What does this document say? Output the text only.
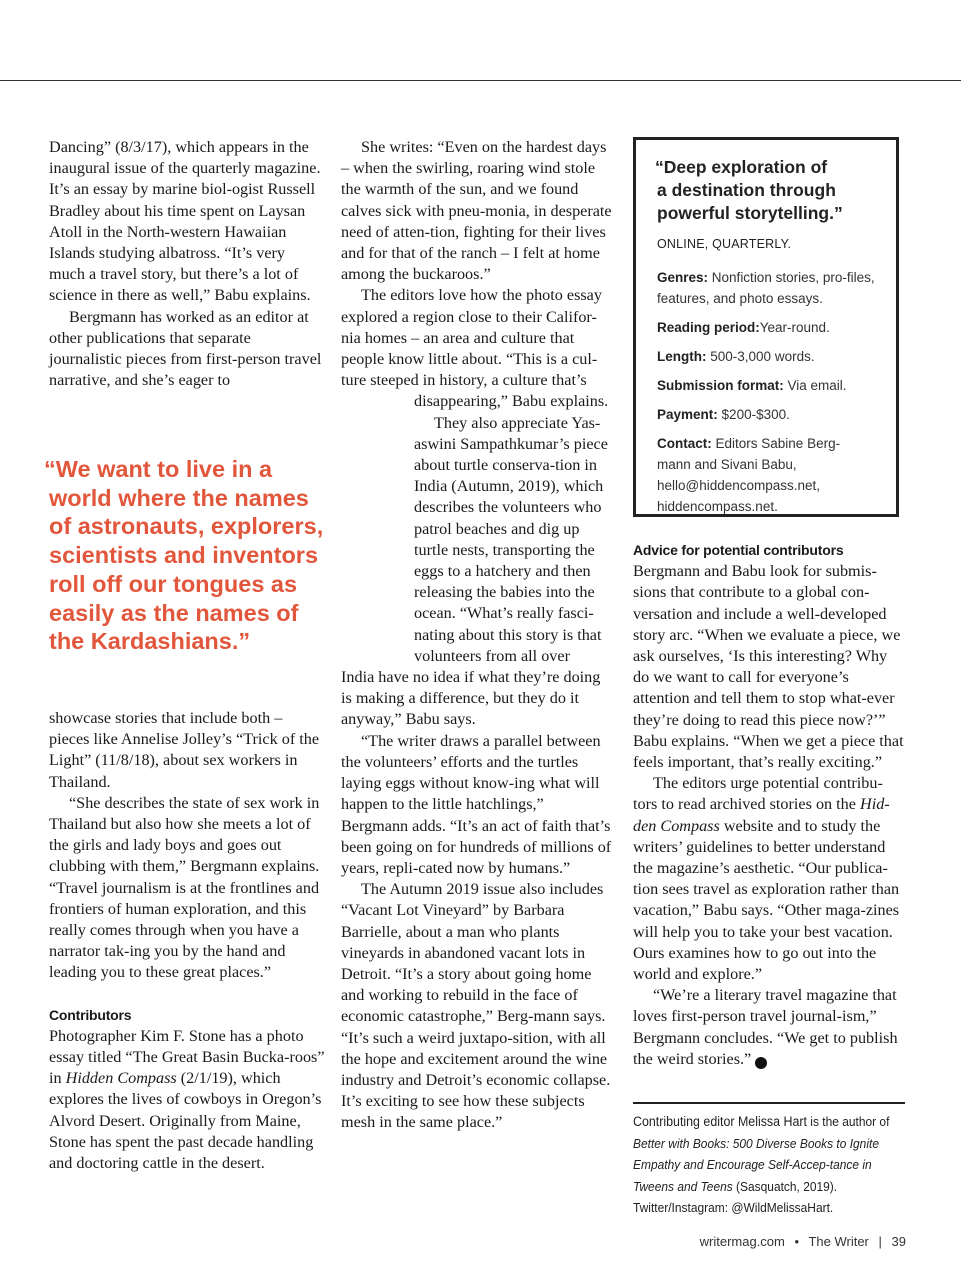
Dancing” (8/3/17), which appears in the inaugural issue of the quarterly magazine. It’s an essay by marine biol-ogist Russell Bradley about his time spent on Laysan Atoll in the North-western Hawaiian Islands studying albatross. “It’s very much a travel story, but there’s a lot of science in there as well,” Babu explains.

Bergmann has worked as an editor at other publications that separate journalistic pieces from first-person travel narrative, and she’s eager to

“We want to live in a
world where the names
of astronauts, explorers,
scientists and inventors
roll off our tongues as
easily as the names of
the Kardashians.”

showcase stories that include both – pieces like Annelise Jolley’s “Trick of the Light” (11/8/18), about sex workers in Thailand.

“She describes the state of sex work in Thailand but also how she meets a lot of the girls and lady boys and goes out clubbing with them,” Bergmann explains. “Travel journalism is at the frontlines and frontiers of human exploration, and this really comes through when you have a narrator tak-ing you by the hand and leading you to these great places.”

Contributors

Photographer Kim F. Stone has a photo essay titled “The Great Basin Bucka-roos” in Hidden Compass (2/1/19), which explores the lives of cowboys in Oregon’s Alvord Desert. Originally from Maine, Stone has spent the past decade handling and doctoring cattle in the desert.

She writes: “Even on the hardest days – when the swirling, roaring wind stole the warmth of the sun, and we found calves sick with pneu-monia, in desperate need of atten-tion, fighting for their lives and for that of the ranch – I felt at home among the buckaroos.”

The editors love how the photo essay explored a region close to their Califor-nia homes – an area and culture that people know little about. “This is a cul-ture steeped in history, a culture that’s

disappearing,” Babu explains.

They also appreciate Yas-aswini Sampathkumar’s piece about turtle conserva-tion in India (Autumn, 2019), which describes the volunteers who patrol beaches and dig up turtle nests, transporting the eggs to a hatchery and then releasing the babies into the ocean. “What’s really fasci-nating about this story is that volunteers from all over

India have no idea if what they’re doing is making a difference, but they do it anyway,” Babu says.

“The writer draws a parallel between the volunteers’ efforts and the turtles laying eggs without know-ing what will happen to the little hatchlings,” Bergmann adds. “It’s an act of faith that’s been going on for hundreds of millions of years, repli-cated now by humans.”

The Autumn 2019 issue also includes “Vacant Lot Vineyard” by Barbara Barrielle, about a man who plants vineyards in abandoned vacant lots in Detroit. “It’s a story about going home and working to rebuild in the face of economic catastrophe,” Berg-mann says. “It’s such a weird juxtapo-sition, with all the hope and excitement around the wine industry and Detroit’s economic collapse. It’s exciting to see how these subjects mesh in the same place.”

“Deep exploration of
a destination through
powerful storytelling.”
ONLINE, QUARTERLY.
Genres: Nonfiction stories, pro-files, features, and photo essays.
Reading period:Year-round.
Length: 500-3,000 words.
Submission format: Via email.
Payment: $200-$300.
Contact: Editors Sabine Berg-mann and Sivani Babu, hello@hiddencompass.net, hiddencompass.net.
Advice for potential contributors

Bergmann and Babu look for submis-sions that contribute to a global con-versation and include a well-developed story arc. “When we evaluate a piece, we ask ourselves, ‘Is this interesting? Why do we want to call for everyone’s attention and tell them to stop what-ever they’re doing to read this piece now?’” Babu explains. “When we get a piece that feels important, that’s really exciting.”

The editors urge potential contribu-tors to read archived stories on the Hid-den Compass website and to study the writers’ guidelines to better understand the magazine’s aesthetic. “Our publica-tion sees travel as exploration rather than vacation,” Babu says. “Other maga-zines will help you to take your best vacation. Ours examines how to go out into the world and explore.”

“We’re a literary travel magazine that loves first-person travel journal-ism,” Bergmann concludes. “We get to publish the weird stories.”	W

Contributing editor Melissa Hart is the author of Better with Books: 500 Diverse Books to Ignite Empathy and Encourage Self-Accep-tance in Tweens and Teens (Sasquatch, 2019). Twitter/Instagram: @WildMelissaHart.
writermag.com • The Writer | 39
